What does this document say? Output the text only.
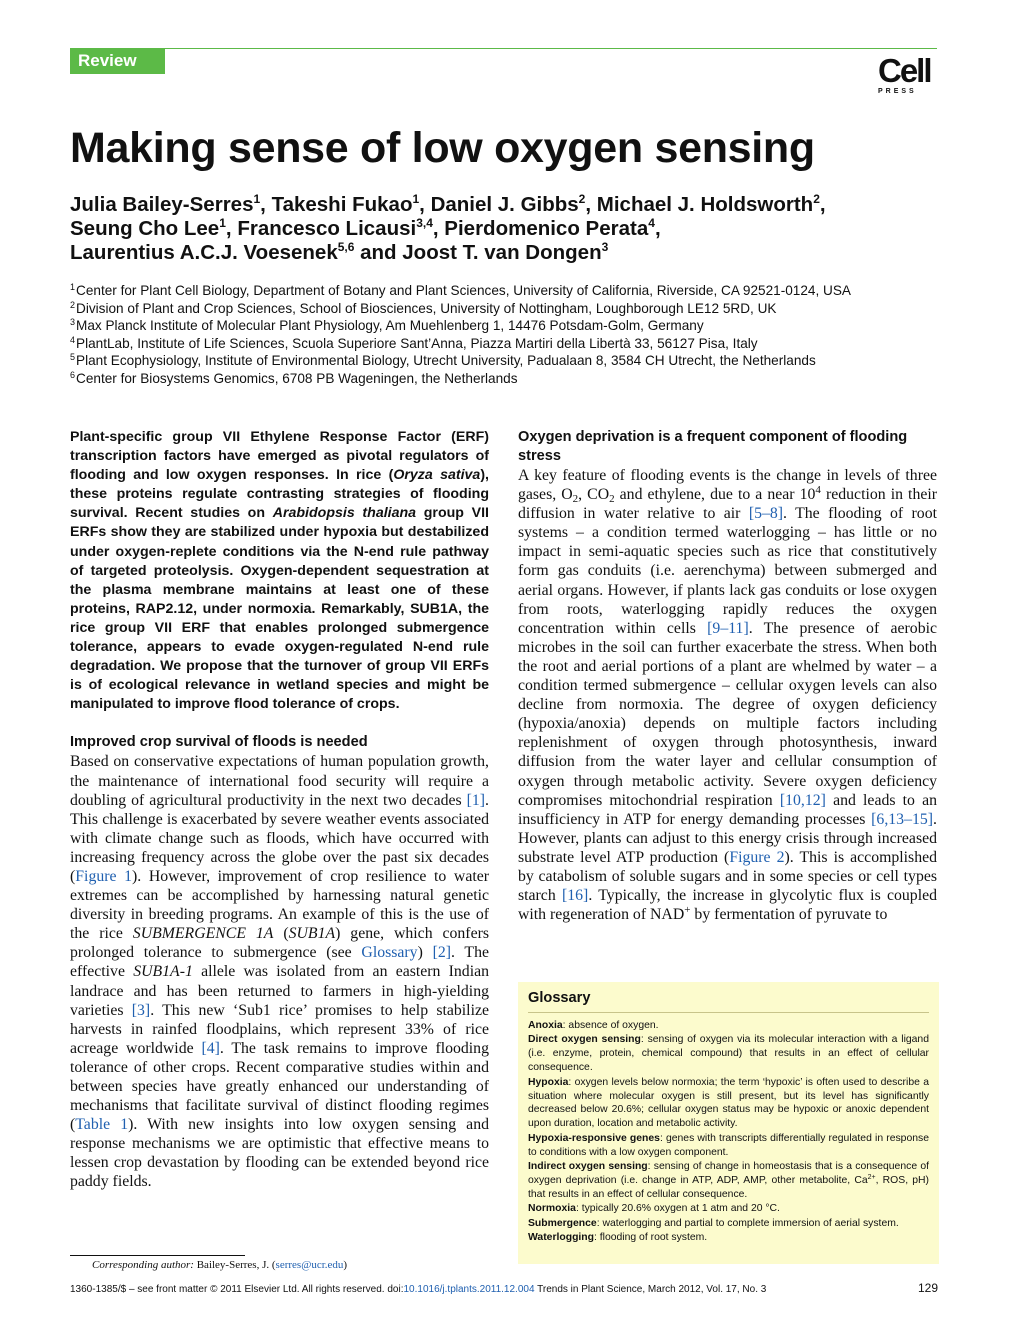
Review	Cell
PRESS
Making sense of low oxygen sensing
Julia Bailey-Serres$^1$, Takeshi Fukao$^1$, Daniel J. Gibbs$^2$, Michael J. Holdsworth$^2$,
Seung Cho Lee$^1$, Francesco Licausi$^{3,4}$, Pierdomenico Perata$^4$,
Laurentius A.C.J. Voesenek$^{5,6}$ and Joost T. van Dongen$^3$
$^1$Center for Plant Cell Biology, Department of Botany and Plant Sciences, University of California, Riverside, CA 92521-0124, USA
$^2$Division of Plant and Crop Sciences, School of Biosciences, University of Nottingham, Loughborough LE12 5RD, UK
$^3$Max Planck Institute of Molecular Plant Physiology, Am Muehlenberg 1, 14476 Potsdam-Golm, Germany
$^4$PlantLab, Institute of Life Sciences, Scuola Superiore Sant’Anna, Piazza Martiri della Libertà 33, 56127 Pisa, Italy
$^5$Plant Ecophysiology, Institute of Environmental Biology, Utrecht University, Padualaan 8, 3584 CH Utrecht, the Netherlands
$^6$Center for Biosystems Genomics, 6708 PB Wageningen, the Netherlands

Plant-specific group VII Ethylene Response Factor (ERF) transcription factors have emerged as pivotal regulators of flooding and low oxygen responses. In rice (Oryza sativa), these proteins regulate contrasting strategies of flooding survival. Recent studies on Arabidopsis thaliana group VII ERFs show they are stabilized under hypoxia but destabilized under oxygen-replete conditions via the N-end rule pathway of targeted proteolysis. Oxygen-dependent sequestration at the plasma membrane maintains at least one of these proteins, RAP2.12, under normoxia. Remarkably, SUB1A, the rice group VII ERF that enables prolonged submergence tolerance, appears to evade oxygen-regulated N-end rule degradation. We propose that the turnover of group VII ERFs is of ecological relevance in wetland species and might be manipulated to improve flood tolerance of crops.

Improved crop survival of floods is needed

Based on conservative expectations of human population growth, the maintenance of international food security will require a doubling of agricultural productivity in the next two decades [1]. This challenge is exacerbated by severe weather events associated with climate change such as floods, which have occurred with increasing frequency across the globe over the past six decades (Figure 1). However, improvement of crop resilience to water extremes can be accomplished by harnessing natural genetic diversity in breeding programs. An example of this is the use of the rice SUBMERGENCE 1A (SUB1A) gene, which confers prolonged tolerance to submergence (see Glossary) [2]. The effective SUB1A-1 allele was isolated from an eastern Indian landrace and has been returned to farmers in high-yielding varieties [3]. This new ‘Sub1 rice’ promises to help stabilize harvests in rainfed floodplains, which represent 33% of rice acreage worldwide [4]. The task remains to improve flooding tolerance of other crops. Recent comparative studies within and between species have greatly enhanced our understanding of mechanisms that facilitate survival of distinct flooding regimes (Table 1). With new insights into low oxygen sensing and response mechanisms we are optimistic that effective means to lessen crop devastation by flooding can be extended beyond rice paddy fields.

Oxygen deprivation is a frequent component of flooding stress

A key feature of flooding events is the change in levels of three gases, $O_2$, $CO_2$ and ethylene, due to a near $10^4$ reduction in their diffusion in water relative to air [5–8]. The flooding of root systems – a condition termed waterlogging – has little or no impact in semi-aquatic species such as rice that constitutively form gas conduits (i.e. aerenchyma) between submerged and aerial organs. However, if plants lack gas conduits or lose oxygen from roots, waterlogging rapidly reduces the oxygen concentration within cells [9–11]. The presence of aerobic microbes in the soil can further exacerbate the stress. When both the root and aerial portions of a plant are whelmed by water – a condition termed submergence – cellular oxygen levels can also decline from normoxia. The degree of oxygen deficiency (hypoxia/anoxia) depends on multiple factors including replenishment of oxygen through photosynthesis, inward diffusion from the water layer and cellular consumption of oxygen through metabolic activity. Severe oxygen deficiency compromises mitochondrial respiration [10,12] and leads to an insufficiency in ATP for energy demanding processes [6,13–15]. However, plants can adjust to this energy crisis through increased substrate level ATP production (Figure 2). This is accomplished by catabolism of soluble sugars and in some species or cell types starch [16]. Typically, the increase in glycolytic flux is coupled with regeneration of NAD+ by fermentation of pyruvate to

Glossary

Anoxia: absence of oxygen.

Direct oxygen sensing: sensing of oxygen via its molecular interaction with a ligand (i.e. enzyme, protein, chemical compound) that results in an effect of cellular consequence.

Hypoxia: oxygen levels below normoxia; the term ‘hypoxic’ is often used to describe a situation where molecular oxygen is still present, but its level has significantly decreased below 20.6%; cellular oxygen status may be hypoxic or anoxic dependent upon duration, location and metabolic activity.

Hypoxia-responsive genes: genes with transcripts differentially regulated in response to conditions with a low oxygen component.

Indirect oxygen sensing: sensing of change in homeostasis that is a consequence of oxygen deprivation (i.e. change in ATP, ADP, AMP, other metabolite, $Ca^{2+}$, ROS, pH) that results in an effect of cellular consequence.

Normoxia: typically 20.6% oxygen at 1 atm and 20 °C.

Submergence: waterlogging and partial to complete immersion of aerial system.

Waterlogging: flooding of root system.

Corresponding author: Bailey-Serres, J. (serres@ucr.edu)
1360-1385/$ – see front matter © 2011 Elsevier Ltd. All rights reserved. doi:10.1016/j.tplants.2011.12.004 Trends in Plant Science, March 2012, Vol. 17, No. 3	129
